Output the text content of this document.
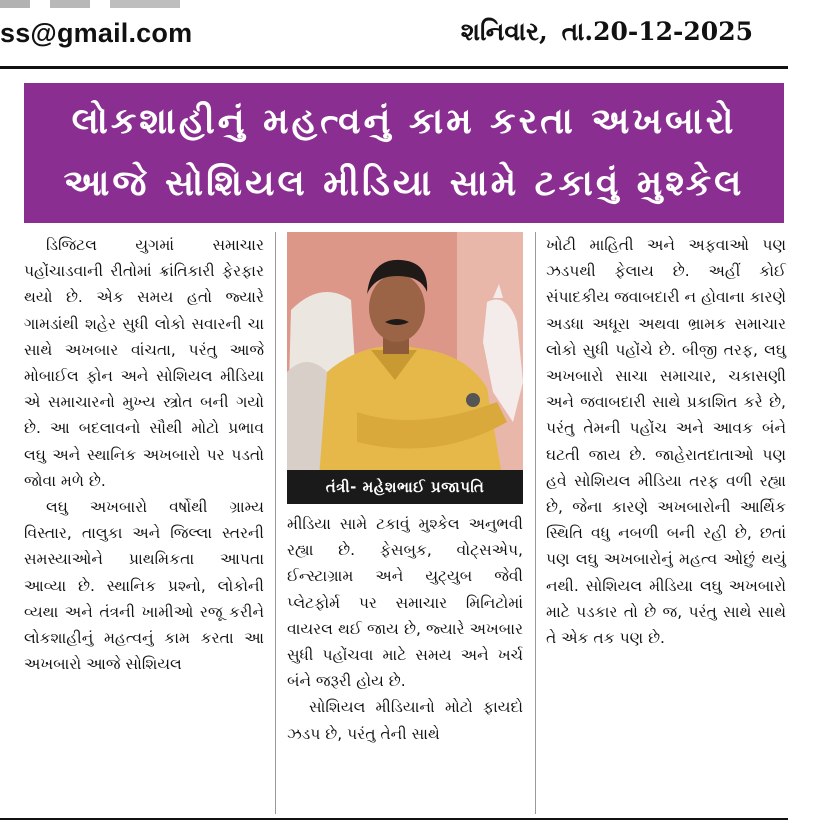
ss@gmail.com	શનિવાર, તા.20-12-2025
લોકશાહીનું મહત્વનું કામ કરતા અખબારો
આજે સોશિયલ મીડિયા સામે ટકાવું મુશ્કેલ

ડિજિટલ યુગમાં સમાચાર પહોંચાડવાની રીતોમાં ક્રાંતિકારી ફેરફાર થયો છે. એક સમય હતો જ્યારે ગામડાંથી શહેર સુધી લોકો સવારની ચા સાથે અખબાર વાંચતા, પરંતુ આજે મોબાઈલ ફોન અને સોશિયલ મીડિયા એ સમાચારનો મુખ્ય સ્ત્રોત બની ગયો છે. આ બદલાવનો સૌથી મોટો પ્રભાવ લઘુ અને સ્થાનિક અખબારો પર પડતો જોવા મળે છે.

લઘુ અખબારો વર્ષોથી ગ્રામ્ય વિસ્તાર, તાલુકા અને જિલ્લા સ્તરની સમસ્યાઓને પ્રાથમિકતા આપતા આવ્યા છે. સ્થાનિક પ્રશ્નો, લોકોની વ્યથા અને તંત્રની ખામીઓ રજૂ કરીને લોકશાહીનું મહત્વનું કામ કરતા આ અખબારો આજે સોશિયલ

તંત્રી- મહેશભાઈ પ્રજાપતિ

મીડિયા સામે ટકાવું મુશ્કેલ અનુભવી રહ્યા છે. ફેસબુક, વોટ્સએપ, ઈન્સ્ટાગ્રામ અને યુટ્યુબ જેવી પ્લેટફોર્મ પર સમાચાર મિનિટોમાં વાયરલ થઈ જાય છે, જ્યારે અખબાર સુધી પહોંચવા માટે સમય અને ખર્ચ બંને જરૂરી હોય છે.

સોશિયલ મીડિયાનો મોટો ફાયદો ઝડપ છે, પરંતુ તેની સાથે

ખોટી માહિતી અને અફવાઓ પણ ઝડપથી ફેલાય છે. અહીં કોઈ સંપાદકીય જવાબદારી ન હોવાના કારણે અડધા અધૂરા અથવા ભ્રામક સમાચાર લોકો સુધી પહોંચે છે. બીજી તરફ, લઘુ અખબારો સાચા સમાચાર, ચકાસણી અને જવાબદારી સાથે પ્રકાશિત કરે છે, પરંતુ તેમની પહોંચ અને આવક બંને ઘટતી જાય છે. જાહેરાતદાતાઓ પણ હવે સોશિયલ મીડિયા તરફ વળી રહ્યા છે, જેના કારણે અખબારોની આર્થિક સ્થિતિ વધુ નબળી બની રહી છે, છતાં પણ લઘુ અખબારોનું મહત્વ ઓછું થયું નથી. સોશિયલ મીડિયા લઘુ અખબારો માટે પડકાર તો છે જ, પરંતુ સાથે સાથે તે એક તક પણ છે.
